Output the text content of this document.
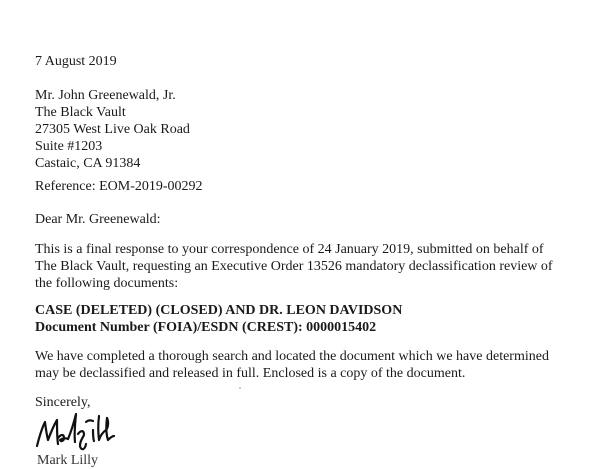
7 August 2019
Mr. John Greenewald, Jr.
The Black Vault
27305 West Live Oak Road
Suite #1203
Castaic, CA 91384
Reference: EOM-2019-00292
Dear Mr. Greenewald:
This is a final response to your correspondence of 24 January 2019, submitted on behalf of The Black Vault, requesting an Executive Order 13526 mandatory declassification review of the following documents:
CASE (DELETED) (CLOSED) AND DR. LEON DAVIDSON
Document Number (FOIA)/ESDN (CREST): 0000015402
We have completed a thorough search and located the document which we have determined may be declassified and released in full. Enclosed is a copy of the document.
Sincerely,
Mark Lilly
